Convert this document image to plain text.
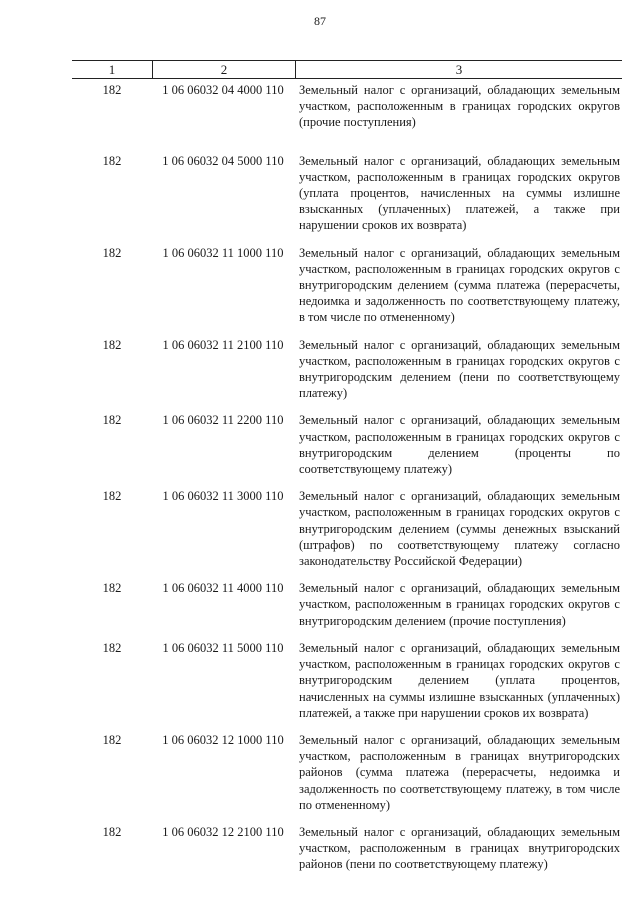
87
1	2	3
182	1 06 06032 04 4000 110	Земельный налог с организаций, обладающих земельным участком, расположенным в границах городских округов (прочие поступления)
182	1 06 06032 04 5000 110	Земельный налог с организаций, обладающих земельным участком, расположенным в границах городских округов (уплата процентов, начисленных на суммы излишне взысканных (уплаченных) платежей, а также при нарушении сроков их возврата)
182	1 06 06032 11 1000 110	Земельный налог с организаций, обладающих земельным участком, расположенным в границах городских округов с внутригородским делением (сумма платежа (перерасчеты, недоимка и задолженность по соответствующему платежу, в том числе по отмененному)
182	1 06 06032 11 2100 110	Земельный налог с организаций, обладающих земельным участком, расположенным в границах городских округов с внутригородским делением (пени по соответствующему платежу)
182	1 06 06032 11 2200 110	Земельный налог с организаций, обладающих земельным участком, расположенным в границах городских округов с внутригородским делением (проценты по соответствующему платежу)
182	1 06 06032 11 3000 110	Земельный налог с организаций, обладающих земельным участком, расположенным в границах городских округов с внутригородским делением (суммы денежных взысканий (штрафов) по соответствующему платежу согласно законодательству Российской Федерации)
182	1 06 06032 11 4000 110	Земельный налог с организаций, обладающих земельным участком, расположенным в границах городских округов с внутригородским делением (прочие поступления)
182	1 06 06032 11 5000 110	Земельный налог с организаций, обладающих земельным участком, расположенным в границах городских округов с внутригородским делением (уплата процентов, начисленных на суммы излишне взысканных (уплаченных) платежей, а также при нарушении сроков их возврата)
182	1 06 06032 12 1000 110	Земельный налог с организаций, обладающих земельным участком, расположенным в границах внутригородских районов (сумма платежа (перерасчеты, недоимка и задолженность по соответствующему платежу, в том числе по отмененному)
182	1 06 06032 12 2100 110	Земельный налог с организаций, обладающих земельным участком, расположенным в границах внутригородских районов (пени по соответствующему платежу)
